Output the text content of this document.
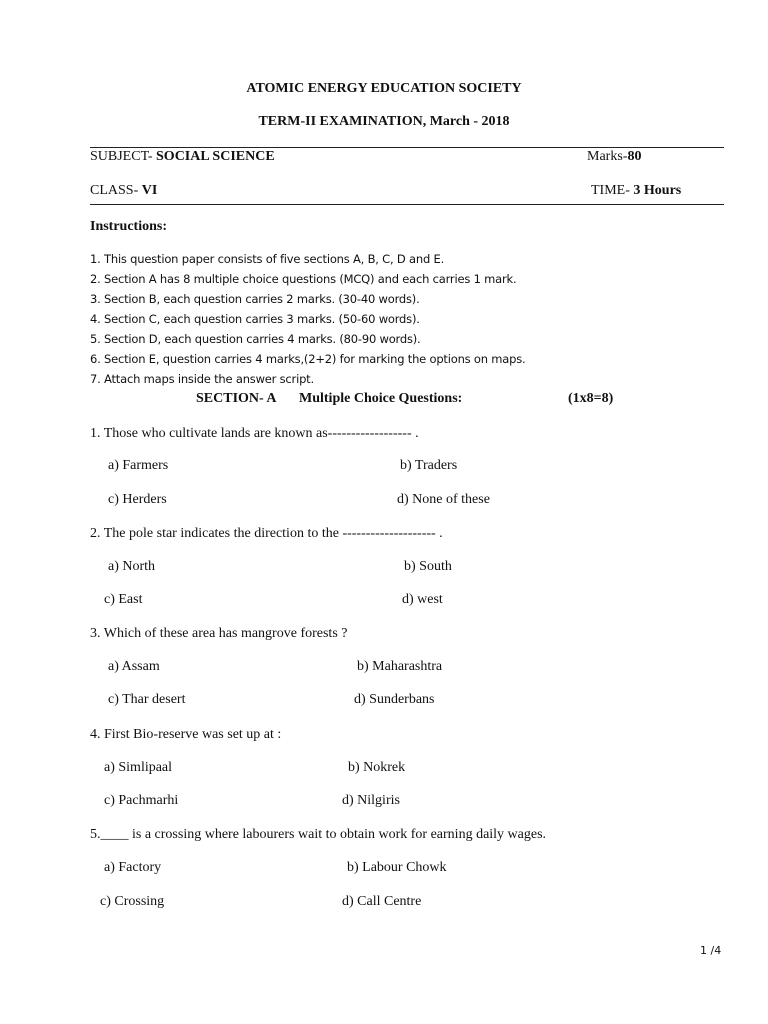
ATOMIC ENERGY EDUCATION SOCIETY
TERM-II EXAMINATION, March - 2018
SUBJECT- SOCIAL SCIENCE	Marks-80
CLASS- VI	TIME- 3 Hours
Instructions:
1. This question paper consists of five sections A, B, C, D and E.
2. Section A has 8 multiple choice questions (MCQ) and each carries 1 mark.
3. Section B, each question carries 2 marks. (30-40 words).
4. Section C, each question carries 3 marks. (50-60 words).
5. Section D, each question carries 4 marks. (80-90 words).
6. Section E, question carries 4 marks,(2+2) for marking the options on maps.
7. Attach maps inside the answer script.
SECTION- A Multiple Choice Questions:	(1x8=8)
1. Those who cultivate lands are known as------------------ .
a) Farmers	b) Traders
c) Herders	d) None of these
2. The pole star indicates the direction to the -------------------- .
a) North	b) South
c) East	d) west
3. Which of these area has mangrove forests ?
a) Assam	b) Maharashtra
c) Thar desert	d) Sunderbans
4. First Bio-reserve was set up at :
a) Simlipaal	b) Nokrek
c) Pachmarhi	d) Nilgiris
5.____ is a crossing where labourers wait to obtain work for earning daily wages.
a) Factory	b) Labour Chowk
c) Crossing	d) Call Centre
1 /4
